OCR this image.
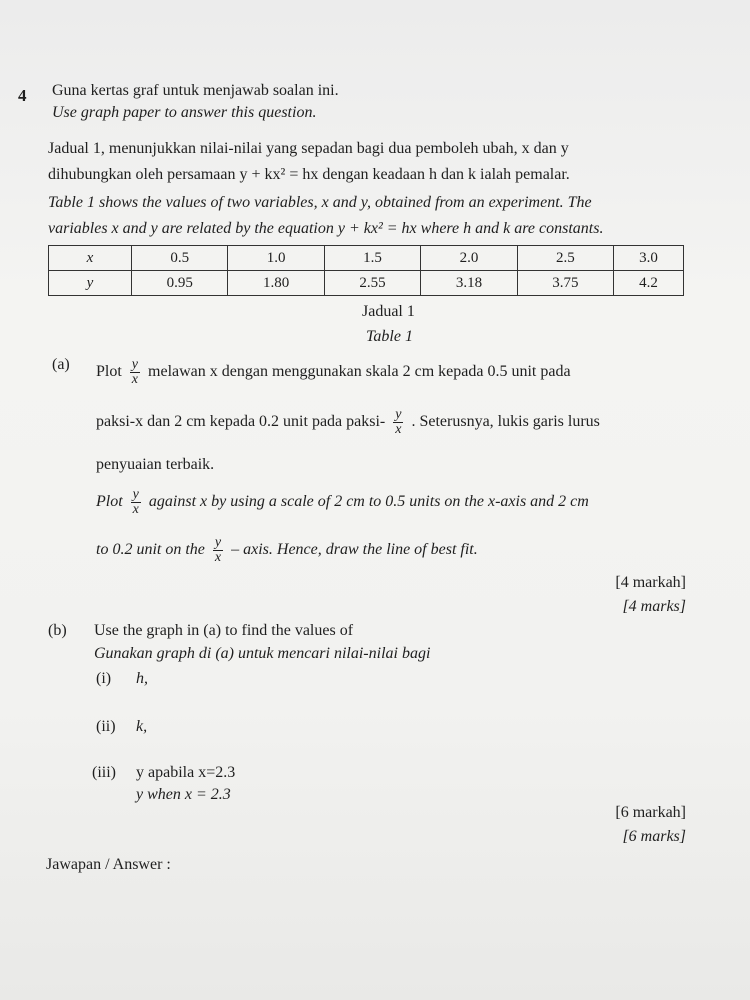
4 Guna kertas graf untuk menjawab soalan ini.
Use graph paper to answer this question.
Jadual 1, menunjukkan nilai-nilai yang sepadan bagi dua pemboleh ubah, x dan y
dihubungkan oleh persamaan y + kx² = hx dengan keadaan h dan k ialah pemalar.
Table 1 shows the values of two variables, x and y, obtained from an experiment. The
variables x and y are related by the equation y + kx² = hx where h and k are constants.
x	0.5	1.0	1.5	2.0	2.5	3.0
y	0.95	1.80	2.55	3.18	3.75	4.2
Jadual 1
Table 1
(a) Plot $\frac{y}{x}$ melawan x dengan menggunakan skala 2 cm kepada 0.5 unit pada
paksi-x dan 2 cm kepada 0.2 unit pada paksi- $\frac{y}{x}$ . Seterusnya, lukis garis lurus
penyuaian terbaik.
Plot $\frac{y}{x}$ against x by using a scale of 2 cm to 0.5 units on the x-axis and 2 cm
to 0.2 unit on the $\frac{y}{x}$ – axis. Hence, draw the line of best fit.
[4 markah]
[4 marks]
(b) Use the graph in (a) to find the values of
Gunakan graph di (a) untuk mencari nilai-nilai bagi
(i) h,
(ii) k,
(iii) y apabila x=2.3
y when x = 2.3
[6 markah]
[6 marks]
Jawapan / Answer :
